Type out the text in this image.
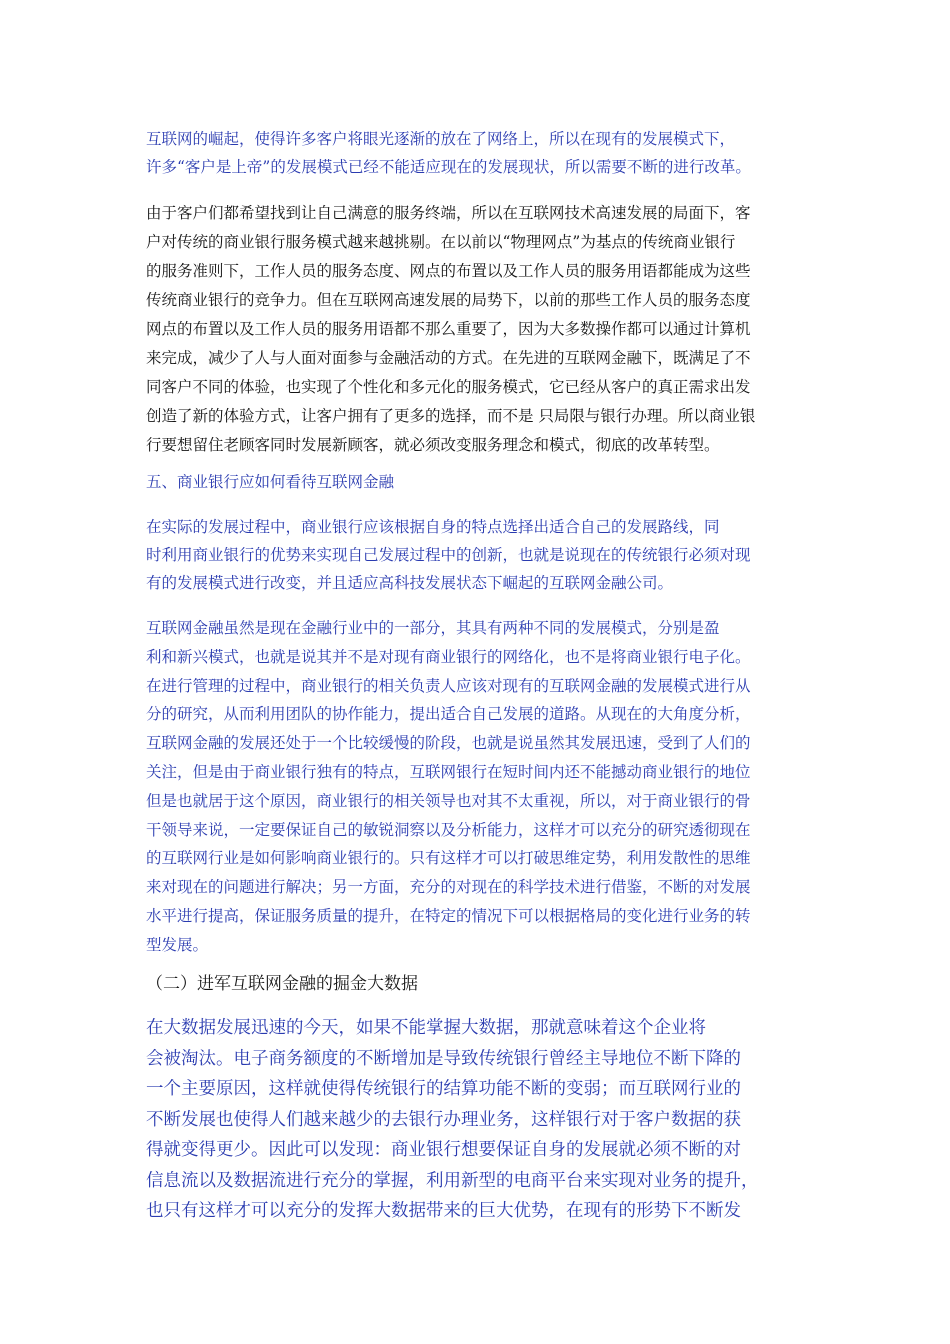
互联网的崛起，使得许多客户将眼光逐渐的放在了网络上，所以在现有的发展模式下，
许多“客户是上帝”的发展模式已经不能适应现在的发展现状，所以需要不断的进行改革。

由于客户们都希望找到让自己满意的服务终端，所以在互联网技术高速发展的局面下，客
户对传统的商业银行服务模式越来越挑剔。在以前以“物理网点”为基点的传统商业银行
的服务准则下，工作人员的服务态度、网点的布置以及工作人员的服务用语都能成为这些
传统商业银行的竞争力。但在互联网高速发展的局势下，以前的那些工作人员的服务态度
网点的布置以及工作人员的服务用语都不那么重要了，因为大多数操作都可以通过计算机
来完成，减少了人与人面对面参与金融活动的方式。在先进的互联网金融下，既满足了不
同客户不同的体验，也实现了个性化和多元化的服务模式，它已经从客户的真正需求出发
创造了新的体验方式，让客户拥有了更多的选择，而不是 只局限与银行办理。所以商业银
行要想留住老顾客同时发展新顾客，就必须改变服务理念和模式，彻底的改革转型。

五、商业银行应如何看待互联网金融

在实际的发展过程中，商业银行应该根据自身的特点选择出适合自己的发展路线，同
时利用商业银行的优势来实现自己发展过程中的创新，也就是说现在的传统银行必须对现
有的发展模式进行改变，并且适应高科技发展状态下崛起的互联网金融公司。

互联网金融虽然是现在金融行业中的一部分，其具有两种不同的发展模式，分别是盈
利和新兴模式，也就是说其并不是对现有商业银行的网络化，也不是将商业银行电子化。
在进行管理的过程中，商业银行的相关负责人应该对现有的互联网金融的发展模式进行从
分的研究，从而利用团队的协作能力，提出适合自己发展的道路。从现在的大角度分析，
互联网金融的发展还处于一个比较缓慢的阶段，也就是说虽然其发展迅速，受到了人们的
关注，但是由于商业银行独有的特点，互联网银行在短时间内还不能撼动商业银行的地位
但是也就居于这个原因，商业银行的相关领导也对其不太重视，所以，对于商业银行的骨
干领导来说，一定要保证自己的敏锐洞察以及分析能力，这样才可以充分的研究透彻现在
的互联网行业是如何影响商业银行的。只有这样才可以打破思维定势，利用发散性的思维
来对现在的问题进行解决；另一方面，充分的对现在的科学技术进行借鉴，不断的对发展
水平进行提高，保证服务质量的提升，在特定的情况下可以根据格局的变化进行业务的转
型发展。

（二）进军互联网金融的掘金大数据

在大数据发展迅速的今天，如果不能掌握大数据，那就意味着这个企业将
会被淘汰。电子商务额度的不断增加是导致传统银行曾经主导地位不断下降的
一个主要原因，这样就使得传统银行的结算功能不断的变弱；而互联网行业的
不断发展也使得人们越来越少的去银行办理业务，这样银行对于客户数据的获
得就变得更少。因此可以发现：商业银行想要保证自身的发展就必须不断的对
信息流以及数据流进行充分的掌握，利用新型的电商平台来实现对业务的提升，
也只有这样才可以充分的发挥大数据带来的巨大优势，在现有的形势下不断发
